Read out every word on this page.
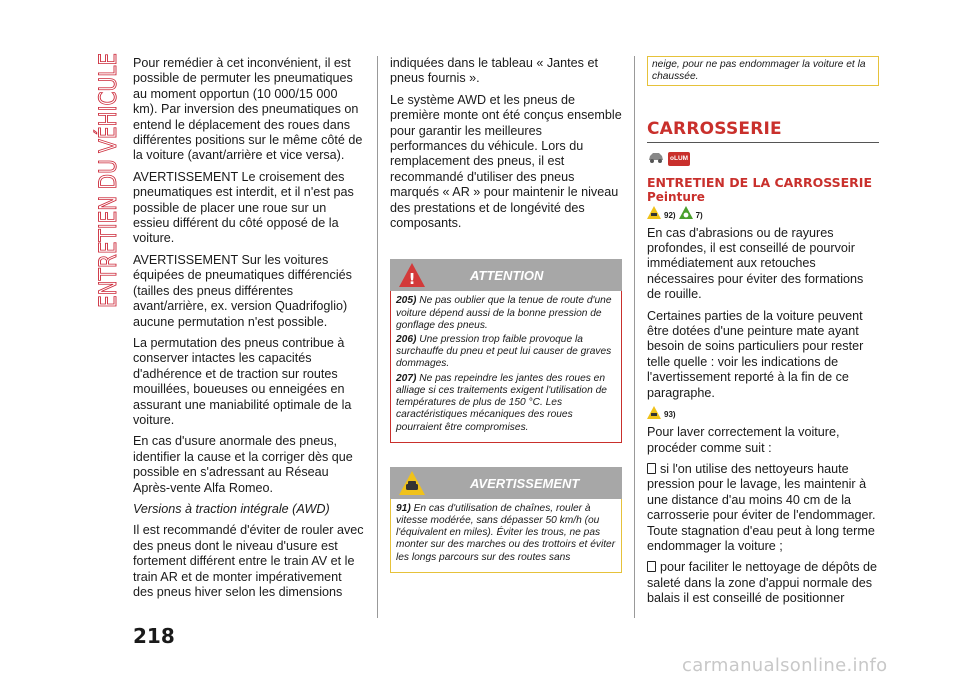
ENTRETIEN DU VÉHICULE Pour remédier à cet inconvénient, il est possible de permuter les pneumatiques au moment opportun (10 000/15 000 km). Par inversion des pneumatiques on entend le déplacement des roues dans différentes positions sur le même côté de la voiture (avant/arrière et vice versa).

AVERTISSEMENT Le croisement des pneumatiques est interdit, et il n'est pas possible de placer une roue sur un essieu différent du côté opposé de la voiture.

AVERTISSEMENT Sur les voitures équipées de pneumatiques différenciés (tailles des pneus différentes avant/arrière, ex. version Quadrifoglio) aucune permutation n'est possible.

La permutation des pneus contribue à conserver intactes les capacités d'adhérence et de traction sur routes mouillées, boueuses ou enneigées en assurant une maniabilité optimale de la voiture.

En cas d'usure anormale des pneus, identifier la cause et la corriger dès que possible en s'adressant au Réseau Après-vente Alfa Romeo.

Versions à traction intégrale (AWD)

Il est recommandé d'éviter de rouler avec des pneus dont le niveau d'usure est fortement différent entre le train AV et le train AR et de monter impérativement des pneus hiver selon les dimensions

indiquées dans le tableau « Jantes et pneus fournis ».

Le système AWD et les pneus de première monte ont été conçus ensemble pour garantir les meilleures performances du véhicule. Lors du remplacement des pneus, il est recommandé d'utiliser des pneus marqués « AR » pour maintenir le niveau des prestations et de longévité des composants.

!	ATTENTION

205) Ne pas oublier que la tenue de route d'une voiture dépend aussi de la bonne pression de gonflage des pneus.

206) Une pression trop faible provoque la surchauffe du pneu et peut lui causer de graves dommages.

207) Ne pas repeindre les jantes des roues en alliage si ces traitements exigent l'utilisation de températures de plus de 150 °C. Les caractéristiques mécaniques des roues pourraient être compromises.

AVERTISSEMENT

91) En cas d'utilisation de chaînes, rouler à vitesse modérée, sans dépasser 50 km/h (ou l'équivalent en miles). Éviter les trous, ne pas monter sur des marches ou des trottoirs et éviter les longs parcours sur des routes sans

neige, pour ne pas endommager la voiture et la chaussée.
CARROSSERIE
oLUM
ENTRETIEN DE LA CARROSSERIE
Peinture
92)	7)

En cas d'abrasions ou de rayures profondes, il est conseillé de pourvoir immédiatement aux retouches nécessaires pour éviter des formations de rouille.

Certaines parties de la voiture peuvent être dotées d'une peinture mate ayant besoin de soins particuliers pour rester telle quelle : voir les indications de l'avertissement reporté à la fin de ce paragraphe.

93)

Pour laver correctement la voiture, procéder comme suit :

si l'on utilise des nettoyeurs haute pression pour le lavage, les maintenir à une distance d'au moins 40 cm de la carrosserie pour éviter de l'endommager. Toute stagnation d'eau peut à long terme endommager la voiture ;

pour faciliter le nettoyage de dépôts de saleté dans la zone d'appui normale des balais il est conseillé de positionner

218
carmanualsonline.info
